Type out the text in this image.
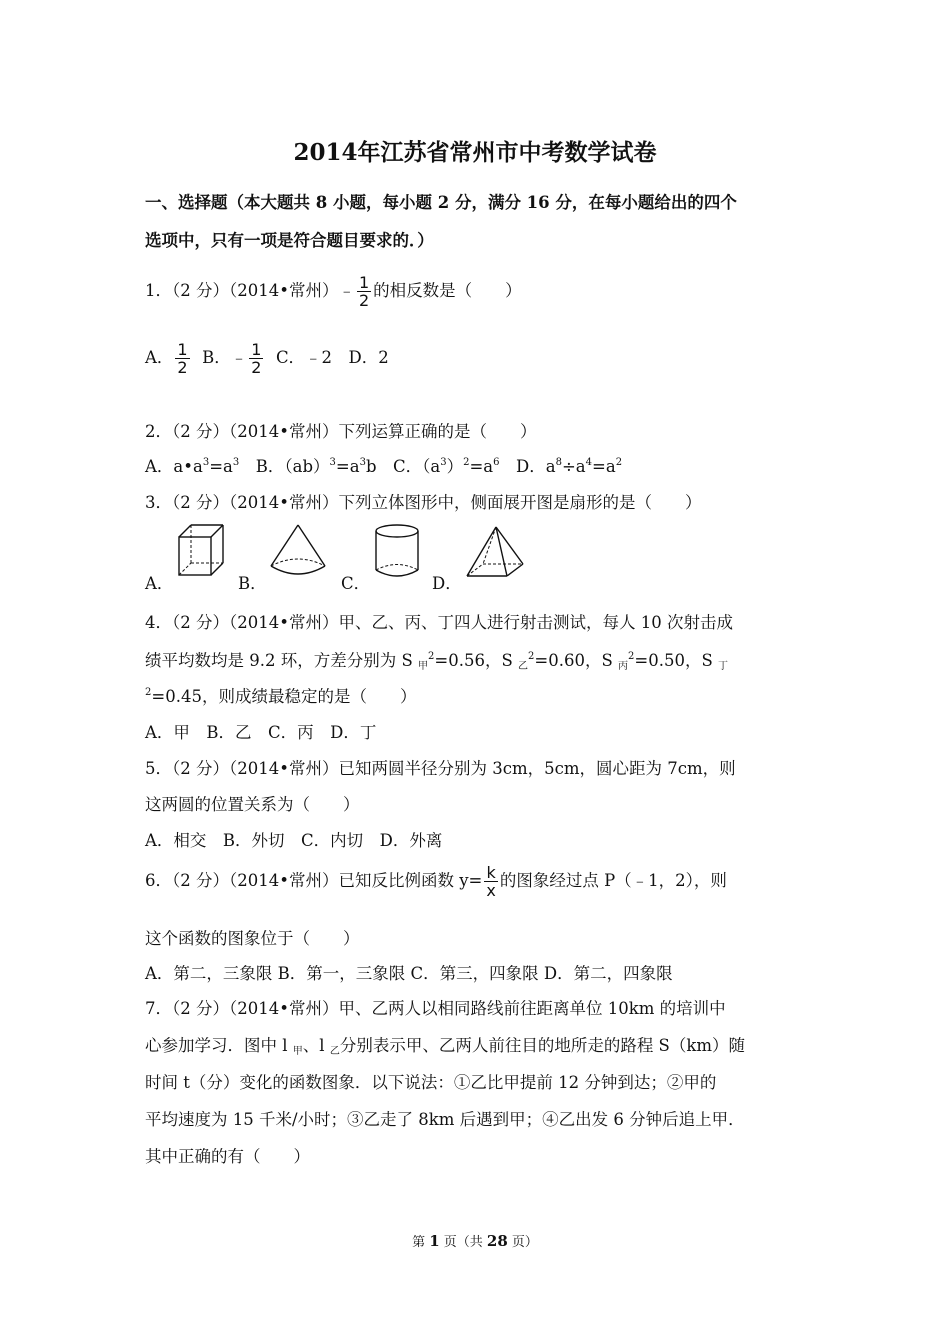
2014年江苏省常州市中考数学试卷
一、选择题（本大题共 8 小题，每小题 2 分，满分 16 分，在每小题给出的四个
选项中，只有一项是符合题目要求的．）
1．（2 分）（2014•常州）﹣ $\frac{1}{2}$ 的相反数是（　　）
A． $\frac{1}{2}$ B．﹣ $\frac{1}{2}$ C．﹣2　D．2
2．（2 分）（2014•常州）下列运算正确的是（　　）
A．$a•a^3=a^3$　B．$(ab)^3=a^3b$　C．$(a^3)^2=a^6$　D．$a^8\div a^4=a^2$
3．（2 分）（2014•常州）下列立体图形中，侧面展开图是扇形的是（　　）
A．	B．	C．	D．
4．（2 分）（2014•常州）甲、乙、丙、丁四人进行射击测试，每人 10 次射击成
绩平均数均是 9.2 环，方差分别为 S $_甲^2$=0.56，S $_乙^2$=0.60，S $_丙^2$=0.50，S $_丁$
$^2$=0.45，则成绩最稳定的是（　　）
A．甲　B．乙　C．丙　D．丁
5．（2 分）（2014•常州）已知两圆半径分别为 3cm，5cm，圆心距为 7cm，则
这两圆的位置关系为（　　）
A．相交　B．外切　C．内切　D．外离
6．（2 分）（2014•常州）已知反比例函数 $y= \frac{k}{x}$ 的图象经过点 P（﹣1，2），则
这个函数的图象位于（　　）
A．第二，三象限 B．第一，三象限 C．第三，四象限 D．第二，四象限
7．（2 分）（2014•常州）甲、乙两人以相同路线前往距离单位 10km 的培训中
心参加学习．图中 l $_甲$、l $_乙$分别表示甲、乙两人前往目的地所走的路程 S（km）随
时间 t（分）变化的函数图象．以下说法：①乙比甲提前 12 分钟到达；②甲的
平均速度为 15 千米/小时；③乙走了 8km 后遇到甲；④乙出发 6 分钟后追上甲．
其中正确的有（　　）
第 1 页（共 28 页）
